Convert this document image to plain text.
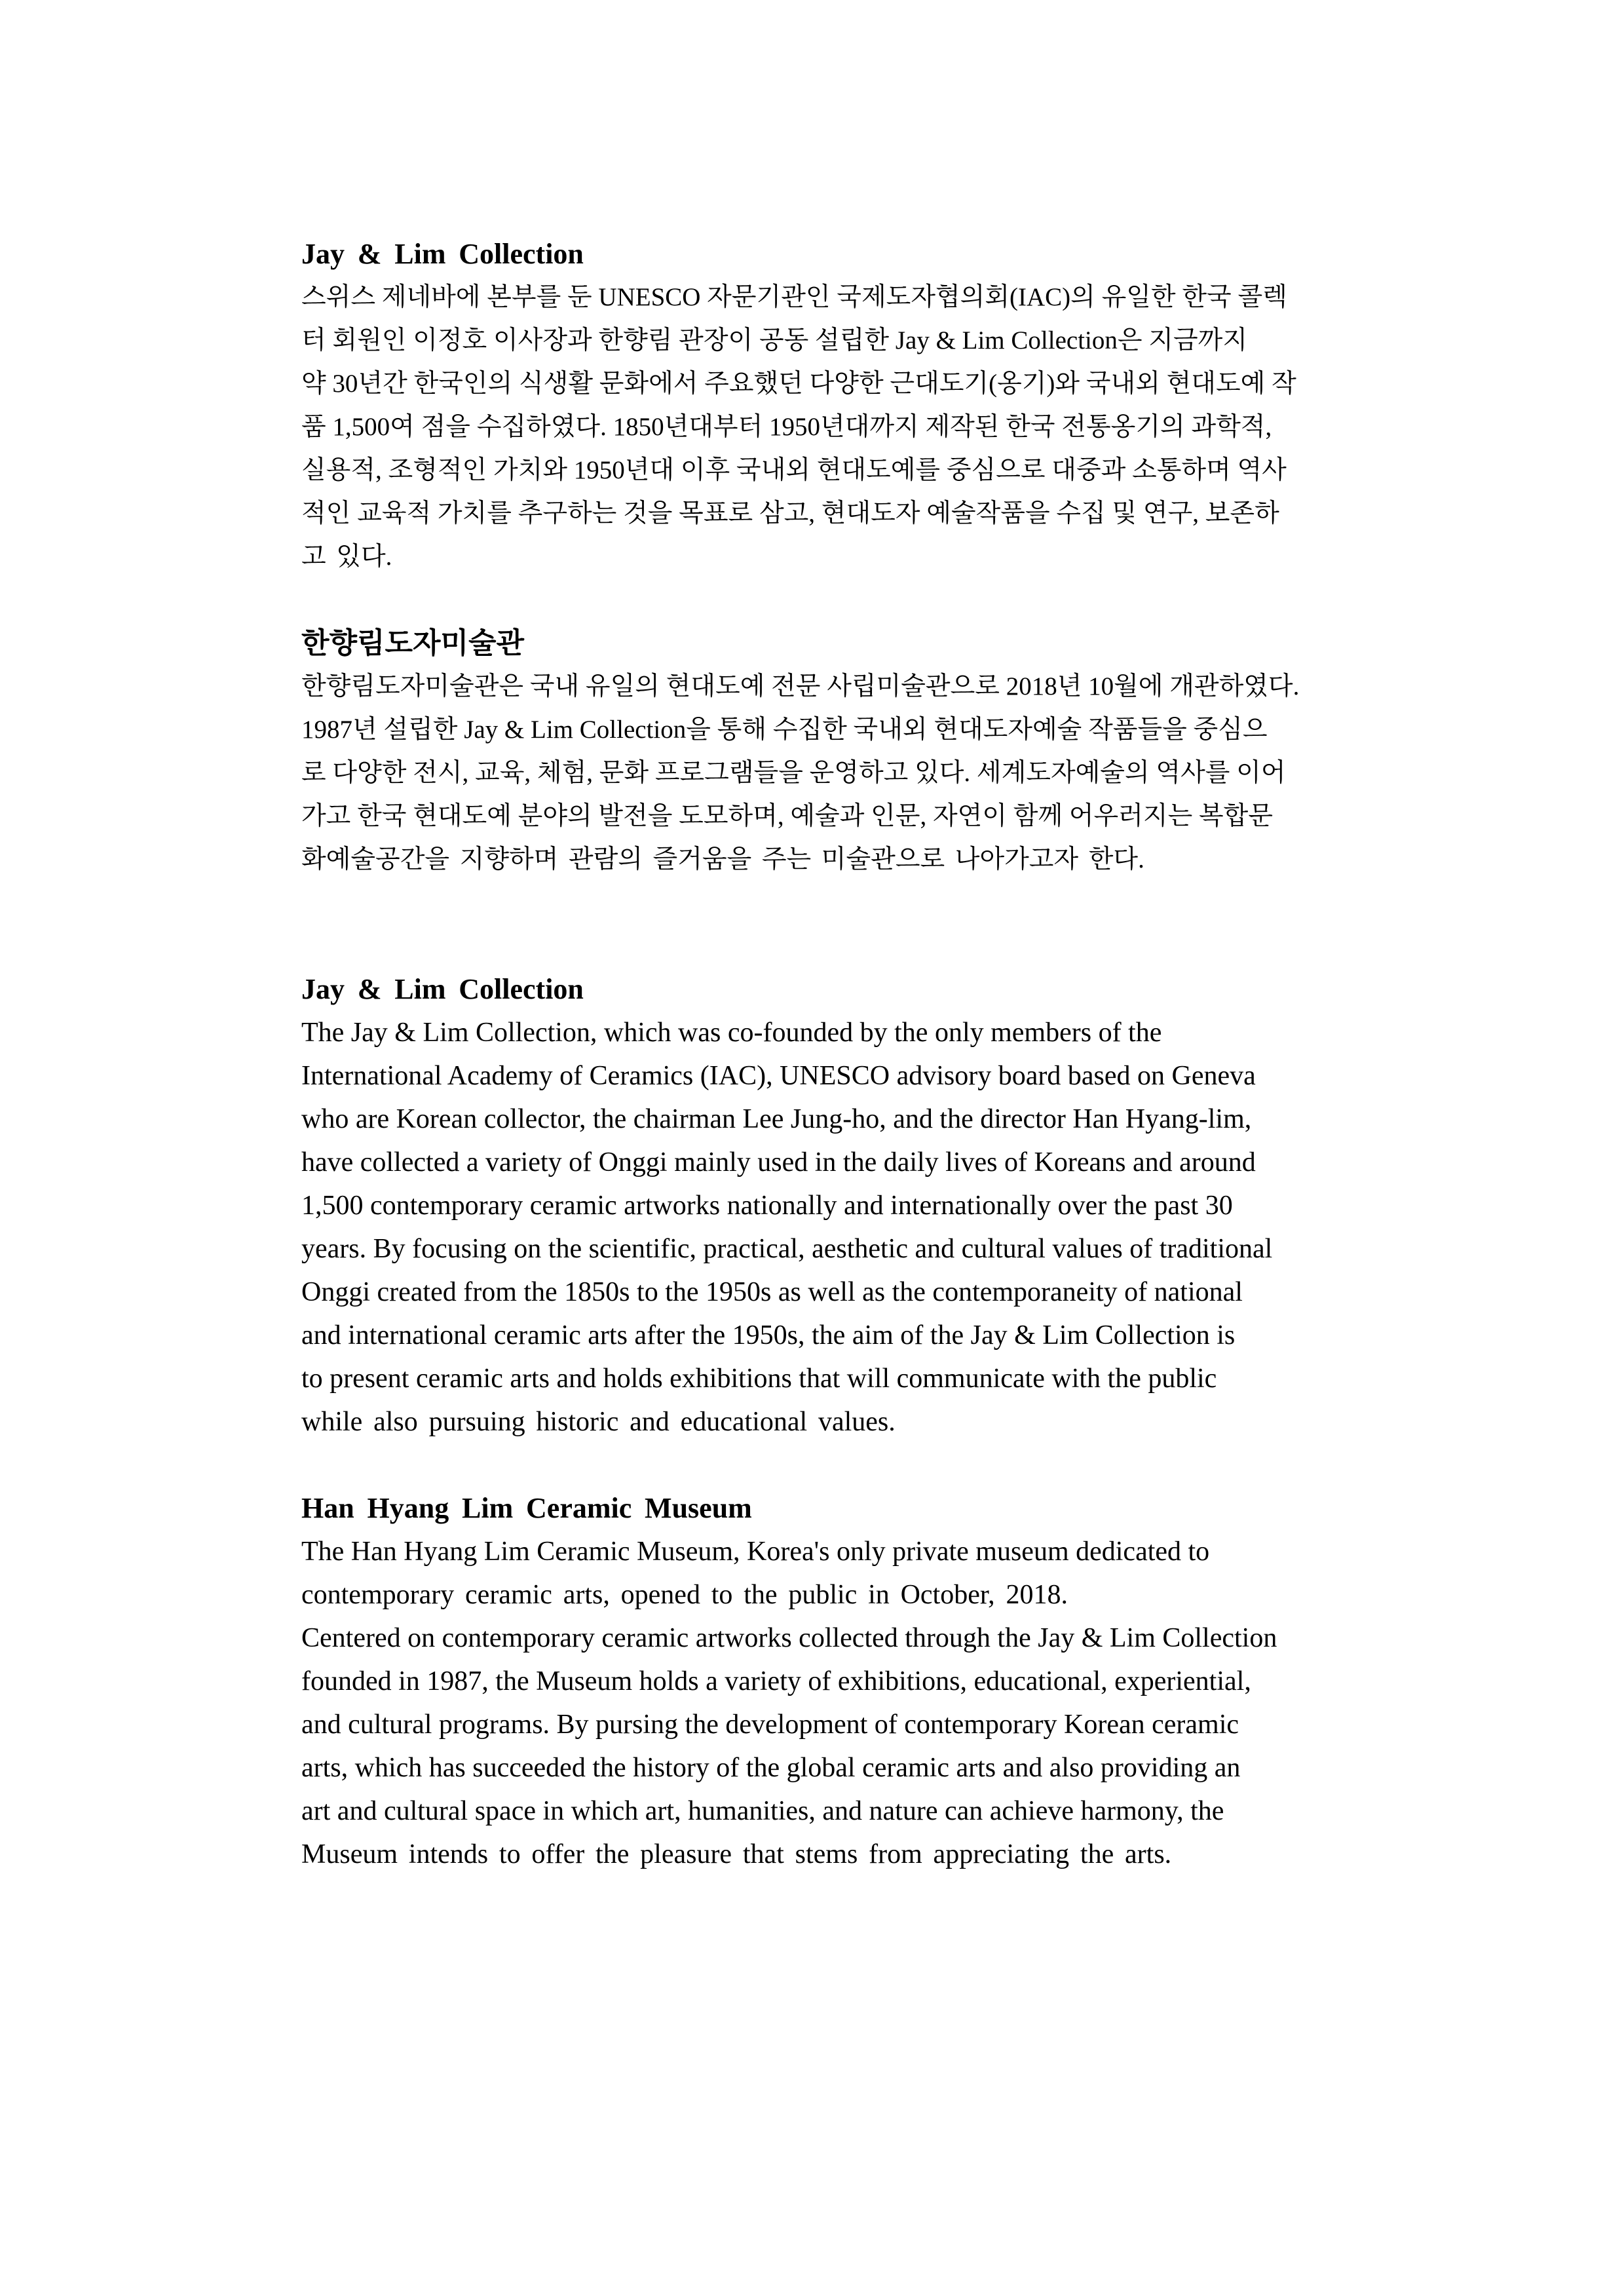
Jay & Lim Collection
스위스 제네바에 본부를 둔 UNESCO 자문기관인 국제도자협의회(IAC)의 유일한 한국 콜렉
터 회원인 이정호 이사장과 한향림 관장이 공동 설립한 Jay & Lim Collection은 지금까지
약 30년간 한국인의 식생활 문화에서 주요했던 다양한 근대도기(옹기)와 국내외 현대도예 작
품 1,500여 점을 수집하였다. 1850년대부터 1950년대까지 제작된 한국 전통옹기의 과학적,
실용적, 조형적인 가치와 1950년대 이후 국내외 현대도예를 중심으로 대중과 소통하며 역사
적인 교육적 가치를 추구하는 것을 목표로 삼고, 현대도자 예술작품을 수집 및 연구, 보존하
고 있다.
한향림도자미술관
한향림도자미술관은 국내 유일의 현대도예 전문 사립미술관으로 2018년 10월에 개관하였다.
1987년 설립한 Jay & Lim Collection을 통해 수집한 국내외 현대도자예술 작품들을 중심으
로 다양한 전시, 교육, 체험, 문화 프로그램들을 운영하고 있다. 세계도자예술의 역사를 이어
가고 한국 현대도예 분야의 발전을 도모하며, 예술과 인문, 자연이 함께 어우러지는 복합문
화예술공간을 지향하며 관람의 즐거움을 주는 미술관으로 나아가고자 한다.
Jay & Lim Collection
The Jay & Lim Collection, which was co-founded by the only members of the
International Academy of Ceramics (IAC), UNESCO advisory board based on Geneva
who are Korean collector, the chairman Lee Jung-ho, and the director Han Hyang-lim,
have collected a variety of Onggi mainly used in the daily lives of Koreans and around
1,500 contemporary ceramic artworks nationally and internationally over the past 30
years. By focusing on the scientific, practical, aesthetic and cultural values of traditional
Onggi created from the 1850s to the 1950s as well as the contemporaneity of national
and international ceramic arts after the 1950s, the aim of the Jay & Lim Collection is
to present ceramic arts and holds exhibitions that will communicate with the public
while also pursuing historic and educational values.
Han Hyang Lim Ceramic Museum
The Han Hyang Lim Ceramic Museum, Korea's only private museum dedicated to
contemporary ceramic arts, opened to the public in October, 2018.
Centered on contemporary ceramic artworks collected through the Jay & Lim Collection
founded in 1987, the Museum holds a variety of exhibitions, educational, experiential,
and cultural programs. By pursing the development of contemporary Korean ceramic
arts, which has succeeded the history of the global ceramic arts and also providing an
art and cultural space in which art, humanities, and nature can achieve harmony, the
Museum intends to offer the pleasure that stems from appreciating the arts.
